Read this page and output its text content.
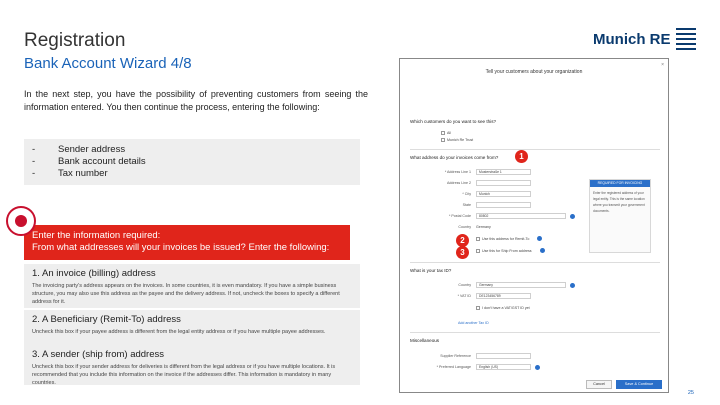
Registration
Bank Account Wizard 4/8
Munich RE
In the next step, you have the possibility of preventing customers from seeing the information entered. You then continue the process, entering the following:
-	Sender address
-	Bank account details
-	Tax number
Enter the information required:
From what addresses will your invoices be issued? Enter the following:
1. An invoice (billing) address

The invoicing party's address appears on the invoices. In some countries, it is even mandatory. If you have a simple business structure, you may also use this address as the payee and the delivery address. If not, uncheck the boxes to specify a different address for it.

2. A Beneficiary (Remit-To) address

Uncheck this box if your payee address is different from the legal entity address or if you have multiple payee addresses.

3. A sender (ship from) address

Uncheck this box if your sender address for deliveries is different from the legal address or if you have multiple locations. It is recommended that you include this information on the invoice if the addresses differ. This information is mandatory in many countries.

×
Tell your customers about your organization
Which customers do you want to see this?
All
Munich Re Trust
What address do your invoices come from?	1
* Address Line 1	Musterstraße 1
Address Line 2
* City	Munich
State
* Postal Code	80802
Country Germany
REQUIRED FOR INVOICING
Enter the registered address of your legal entity. This is the same location where you transmit your government documents.
2	Use this address for Remit-To
3	Use this for Ship From address
What is your tax ID?
Country	Germany
* VAT ID	DE123456789
I don't have a VAT/GST ID yet
Add another Tax ID
Miscellaneous
Supplier Reference
* Preferred Language	English (US)
Cancel	Save & Continue
25
